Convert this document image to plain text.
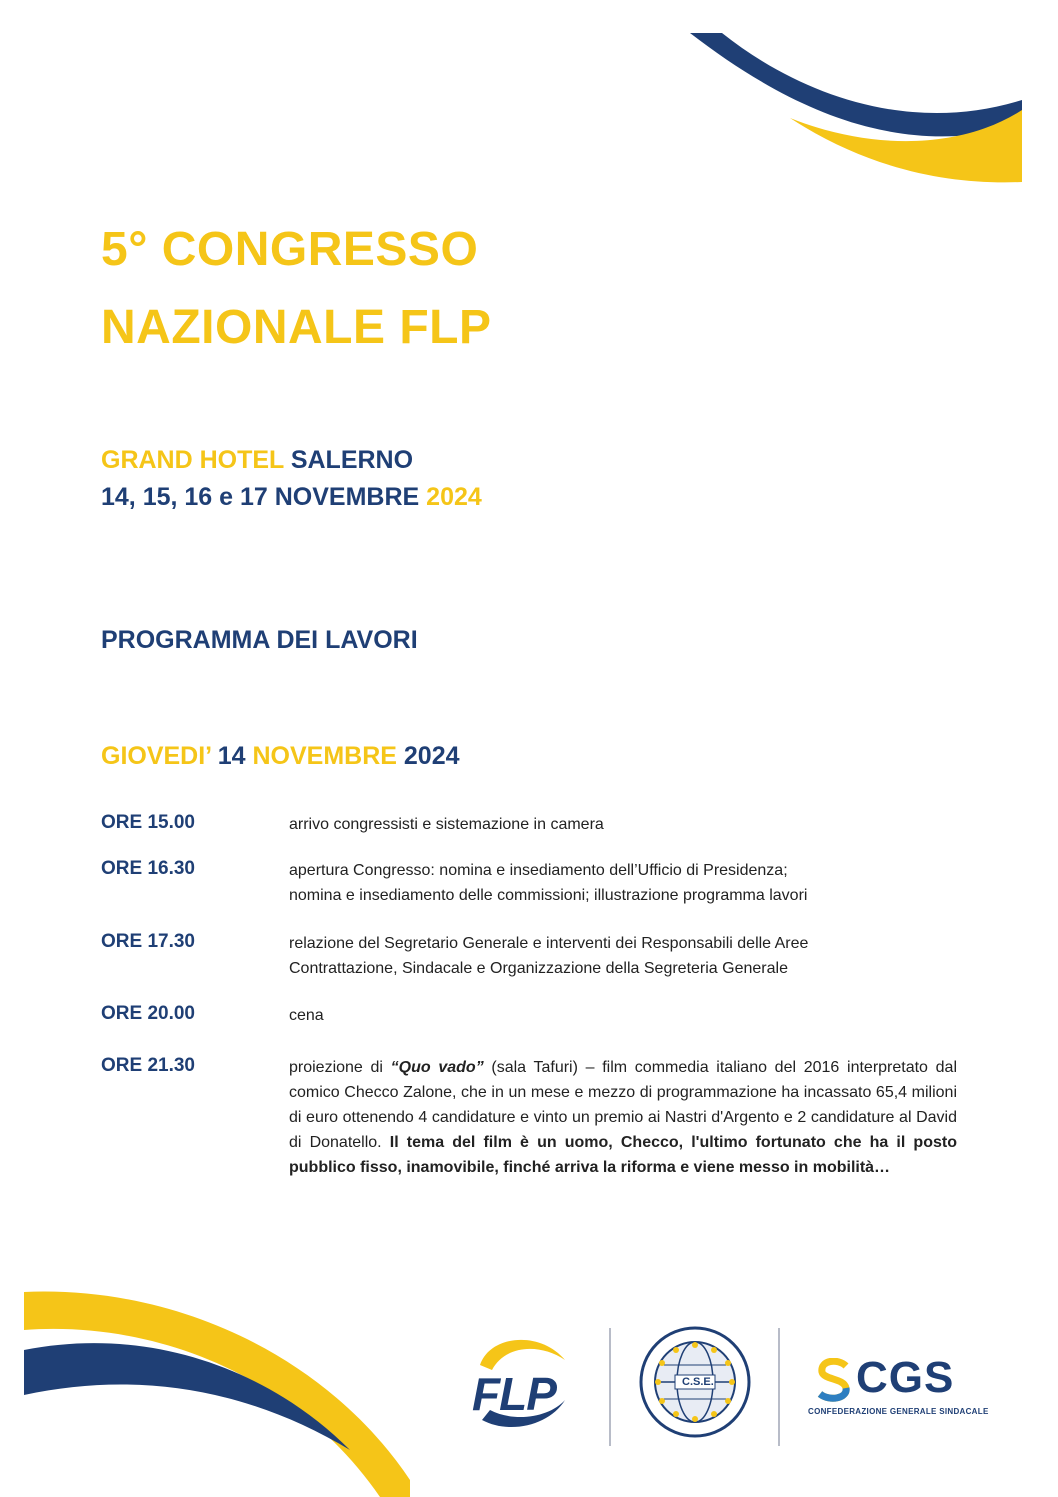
5° CONGRESSO
NAZIONALE FLP
GRAND HOTEL SALERNO
14, 15, 16 e 17 NOVEMBRE 2024
PROGRAMMA DEI LAVORI
GIOVEDI’ 14 NOVEMBRE 2024
ORE 15.00	arrivo congressisti e sistemazione in camera
ORE 16.30	apertura Congresso: nomina e insediamento dell’Ufficio di Presidenza;
nomina e insediamento delle commissioni; illustrazione programma lavori
ORE 17.30	relazione del Segretario Generale e interventi dei Responsabili delle Aree
Contrattazione, Sindacale e Organizzazione della Segreteria Generale
ORE 20.00	cena
ORE 21.30	proiezione di “Quo vado” (sala Tafuri) – film commedia italiano del 2016 interpretato dal comico Checco Zalone, che in un mese e mezzo di programmazione ha incassato 65,4 milioni di euro ottenendo 4 candidature e vinto un premio ai Nastri d'Argento e 2 candidature al David di Donatello. Il tema del film è un uomo, Checco, l'ultimo fortunato che ha il posto pubblico fisso, inamovibile, finché arriva la riforma e viene messo in mobilità…
FLP	C.S.E.	CGS
CONFEDERAZIONE GENERALE SINDACALE
